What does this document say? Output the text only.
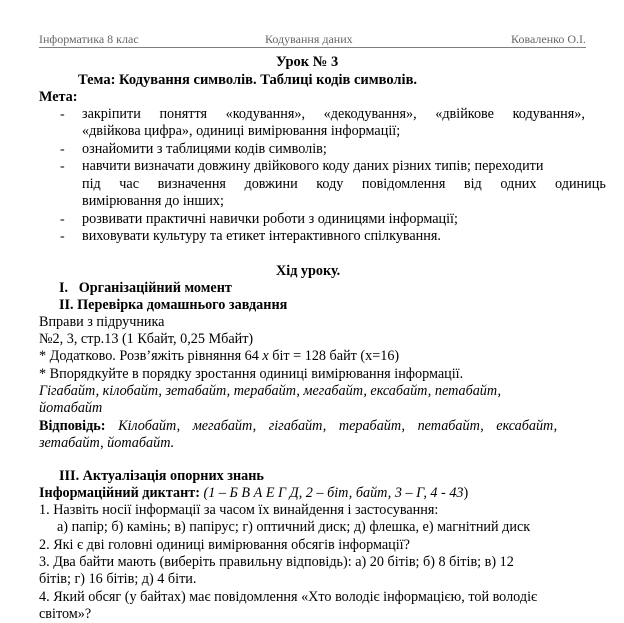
Інформатика 8 клас	Кодування даних	Коваленко О.І.
Урок № 3
Тема: Кодування символів. Таблиці кодів символів.
Мета:
- закріпити поняття «кодування», «декодування», «двійкове кодування»,
«двійкова цифра», одиниці вимірювання інформації;
- ознайомити з таблицями кодів символів;
- навчити визначати довжину двійкового коду даних різних типів; переходити
під час визначення довжини коду повідомлення від одних одиниць
вимірювання до інших;
- розвивати практичні навички роботи з одиницями інформації;
- виховувати культуру та етикет інтерактивного спілкування.
Хід уроку.
I. Організаційний момент
II. Перевірка домашнього завдання
Вправи з підручника
№2, 3, стр.13 (1 Кбайт, 0,25 Мбайт)
* Додатково. Розв’яжіть рівняння 64 x біт = 128 байт (х=16)
* Впорядкуйте в порядку зростання одиниці вимірювання інформації.
Гігабайт, кілобайт, зетабайт, терабайт, мегабайт, ексабайт, петабайт,
йотабайт
Відповідь: Кілобайт, мегабайт, гігабайт, терабайт, петабайт, ексабайт,
зетабайт, йотабайт.
III. Актуалізація опорних знань
Інформаційний диктант: (1 – Б В А Е Г Д, 2 – біт, байт, 3 – Г, 4 - 43)
1. Назвіть носії інформації за часом їх винайдення і застосування:
а) папір; б) камінь; в) папірус; г) оптичний диск; д) флешка, е) магнітний диск
2. Які є дві головні одиниці вимірювання обсягів інформації?
3. Два байти мають (виберіть правильну відповідь): а) 20 бітів; б) 8 бітів; в) 12
бітів; г) 16 бітів; д) 4 біти.
4. Який обсяг (у байтах) має повідомлення «Хто володіє інформацією, той володіє
світом»?
